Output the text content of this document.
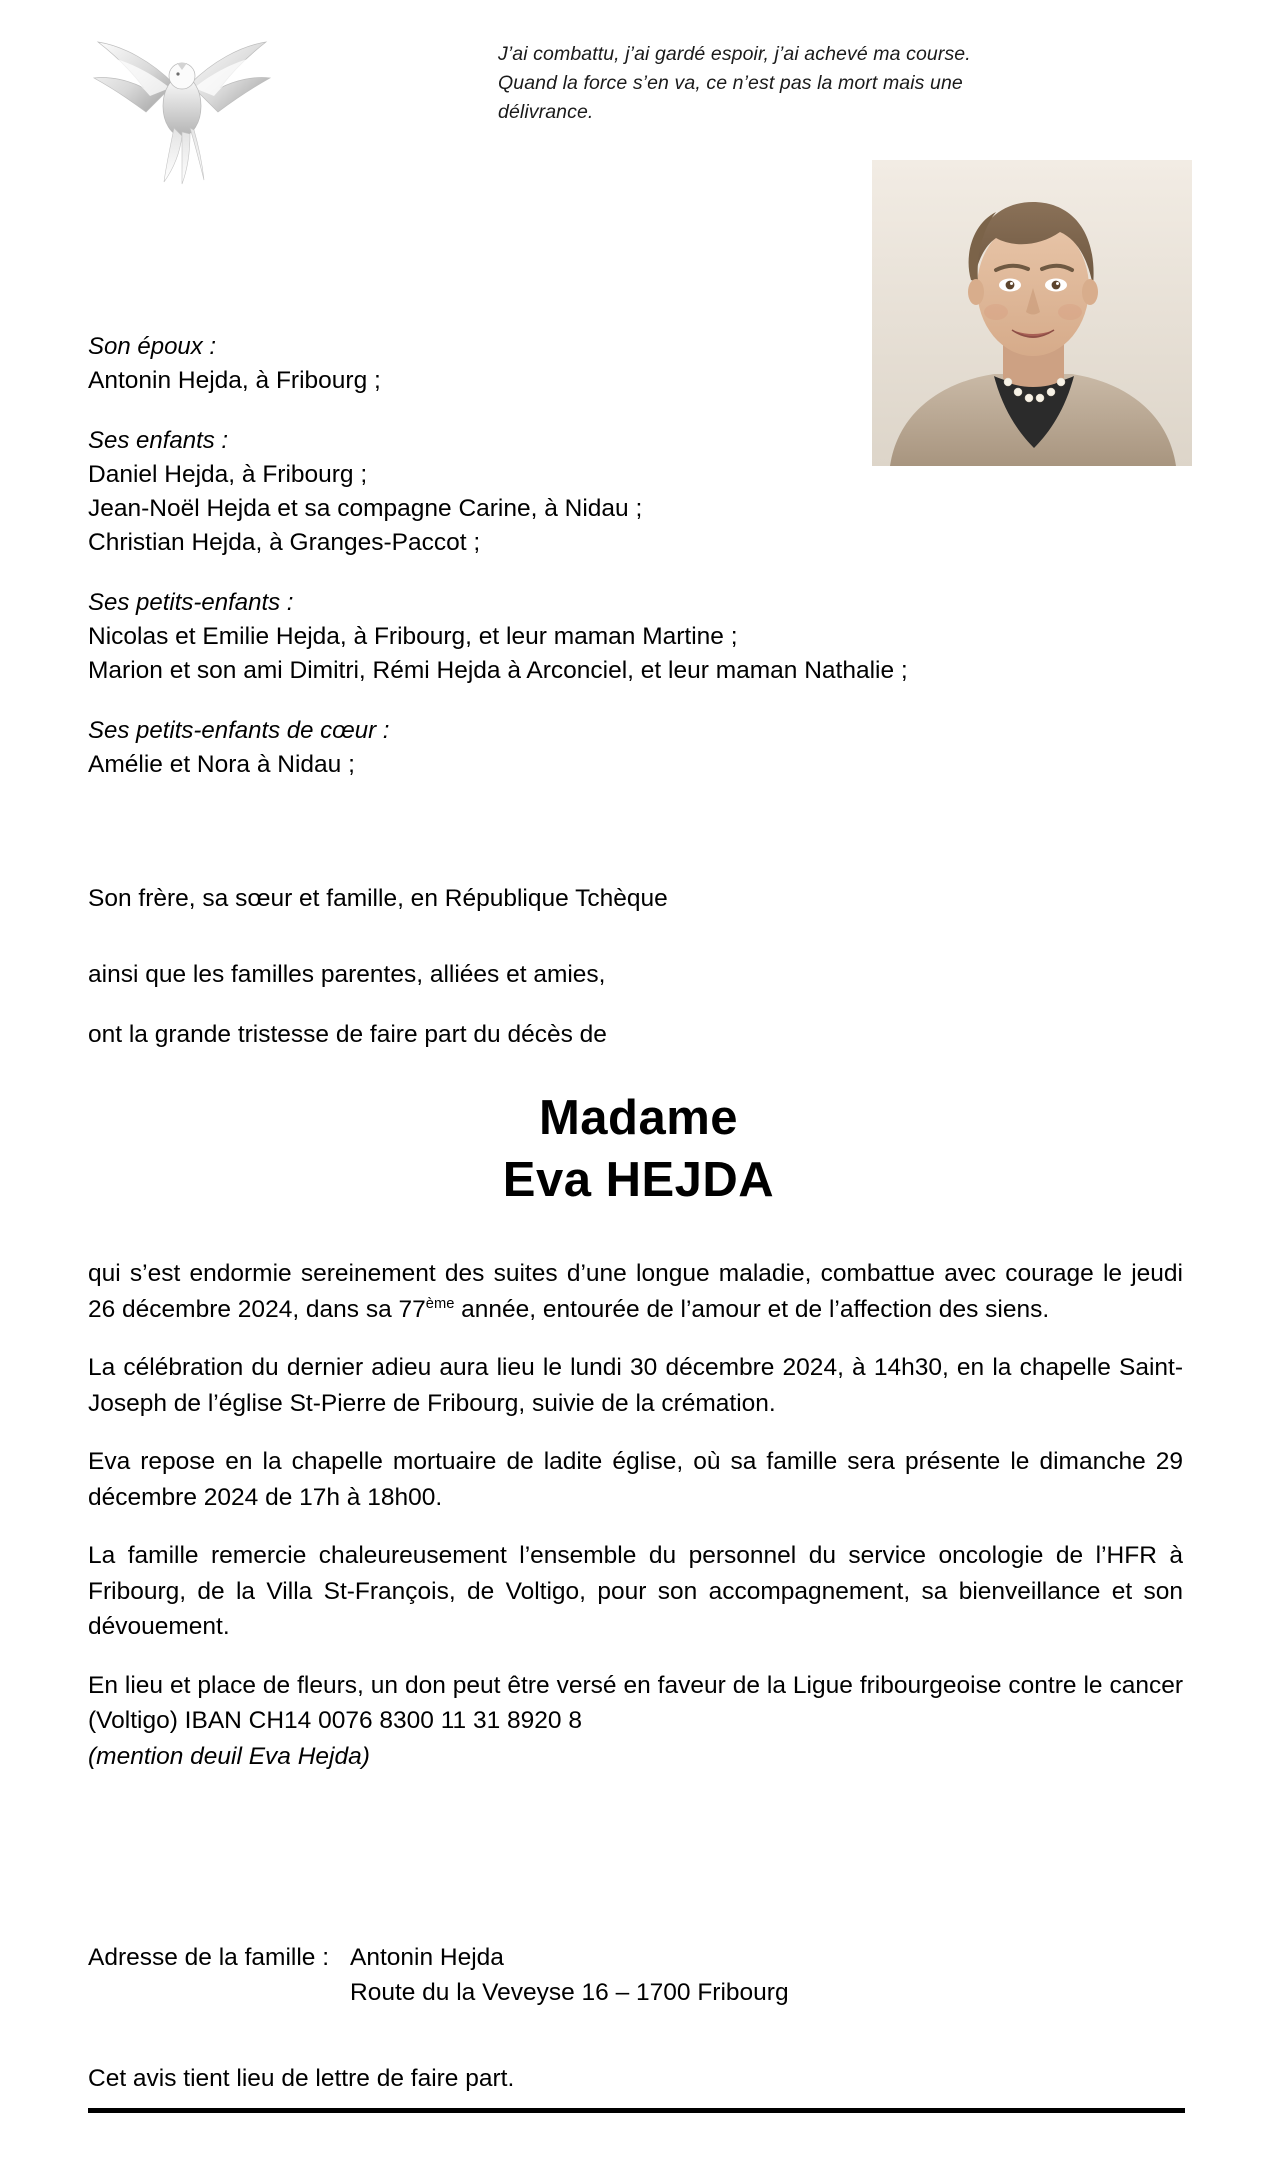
J’ai combattu, j’ai gardé espoir, j’ai achevé ma course.
Quand la force s’en va, ce n’est pas la mort mais une
délivrance.
Son époux :
Antonin Hejda, à Fribourg ;
Ses enfants :
Daniel Hejda, à Fribourg ;
Jean-Noël Hejda et sa compagne Carine, à Nidau ;
Christian Hejda, à Granges-Paccot ;
Ses petits-enfants :
Nicolas et Emilie Hejda, à Fribourg, et leur maman Martine ;
Marion et son ami Dimitri, Rémi Hejda à Arconciel, et leur maman Nathalie ;
Ses petits-enfants de cœur :
Amélie et Nora à Nidau ;
Son frère, sa sœur et famille, en République Tchèque
ainsi que les familles parentes, alliées et amies,
ont la grande tristesse de faire part du décès de
Madame
Eva HEJDA

qui s’est endormie sereinement des suites d’une longue maladie, combattue avec courage le jeudi 26 décembre 2024, dans sa 77ème année, entourée de l’amour et de l’affection des siens.

La célébration du dernier adieu aura lieu le lundi 30 décembre 2024, à 14h30, en la chapelle Saint-Joseph de l’église St-Pierre de Fribourg, suivie de la crémation.

Eva repose en la chapelle mortuaire de ladite église, où sa famille sera présente le dimanche 29 décembre 2024 de 17h à 18h00.

La famille remercie chaleureusement l’ensemble du personnel du service oncologie de l’HFR à Fribourg, de la Villa St-François, de Voltigo, pour son accompagnement, sa bienveillance et son dévouement.

En lieu et place de fleurs, un don peut être versé en faveur de la Ligue fribourgeoise contre le cancer (Voltigo) IBAN CH14 0076 8300 11 31 8920 8
(mention deuil Eva Hejda)

Adresse de la famille : Antonin Hejda
Route du la Veveyse 16 – 1700 Fribourg
Cet avis tient lieu de lettre de faire part.
